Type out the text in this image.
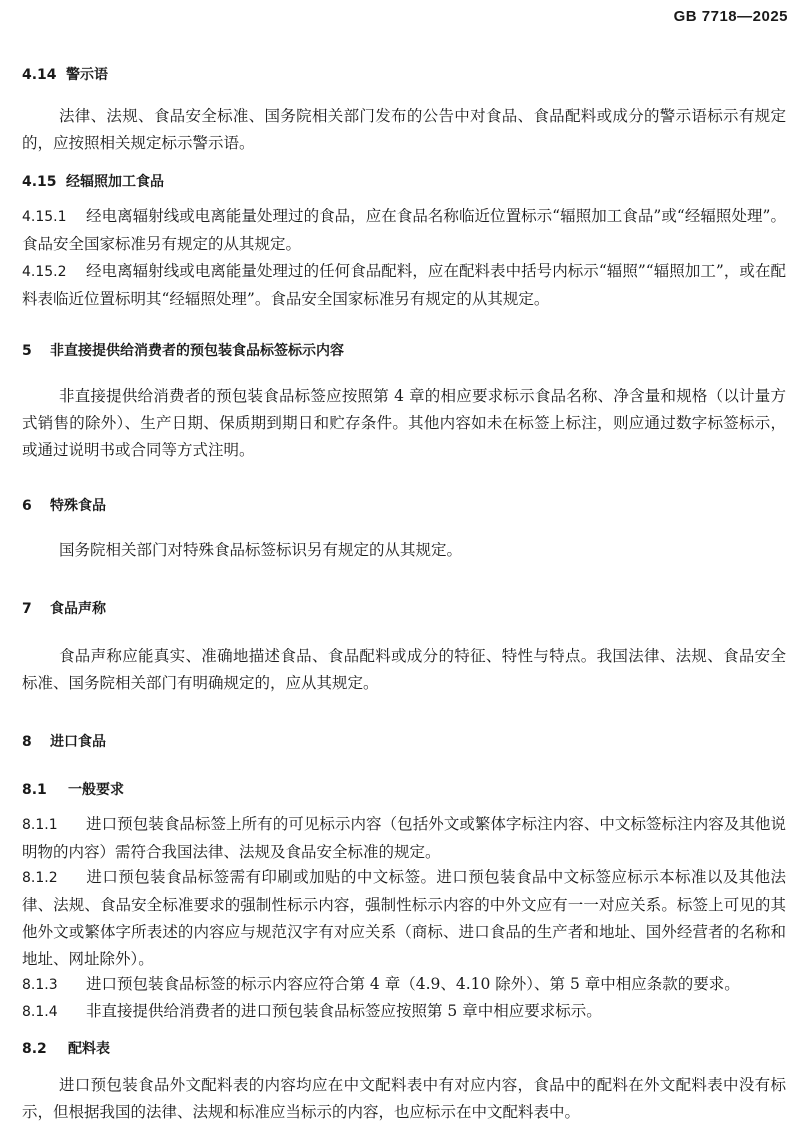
GB 7718—2025
4.14 警示语
法律、法规、食品安全标准、国务院相关部门发布的公告中对食品、食品配料或成分的警示语标示有规定的，应按照相关规定标示警示语。
4.15 经辐照加工食品
4.15.1 经电离辐射线或电离能量处理过的食品，应在食品名称临近位置标示“辐照加工食品”或“经辐照处理”。食品安全国家标准另有规定的从其规定。
4.15.2 经电离辐射线或电离能量处理过的任何食品配料，应在配料表中括号内标示“辐照”“辐照加工”，或在配料表临近位置标明其“经辐照处理”。食品安全国家标准另有规定的从其规定。
5 非直接提供给消费者的预包装食品标签标示内容
非直接提供给消费者的预包装食品标签应按照第 4 章的相应要求标示食品名称、净含量和规格（以计量方式销售的除外）、生产日期、保质期到期日和贮存条件。其他内容如未在标签上标注，则应通过数字标签标示，或通过说明书或合同等方式注明。
6 特殊食品
国务院相关部门对特殊食品标签标识另有规定的从其规定。
7 食品声称
食品声称应能真实、准确地描述食品、食品配料或成分的特征、特性与特点。我国法律、法规、食品安全标准、国务院相关部门有明确规定的，应从其规定。
8 进口食品
8.1 一般要求
8.1.1 进口预包装食品标签上所有的可见标示内容（包括外文或繁体字标注内容、中文标签标注内容及其他说明物的内容）需符合我国法律、法规及食品安全标准的规定。
8.1.2 进口预包装食品标签需有印刷或加贴的中文标签。进口预包装食品中文标签应标示本标准以及其他法律、法规、食品安全标准要求的强制性标示内容，强制性标示内容的中外文应有一一对应关系。标签上可见的其他外文或繁体字所表述的内容应与规范汉字有对应关系（商标、进口食品的生产者和地址、国外经营者的名称和地址、网址除外）。
8.1.3 进口预包装食品标签的标示内容应符合第 4 章（4.9、4.10 除外）、第 5 章中相应条款的要求。
8.1.4 非直接提供给消费者的进口预包装食品标签应按照第 5 章中相应要求标示。
8.2 配料表
进口预包装食品外文配料表的内容均应在中文配料表中有对应内容，食品中的配料在外文配料表中没有标示，但根据我国的法律、法规和标准应当标示的内容，也应标示在中文配料表中。
